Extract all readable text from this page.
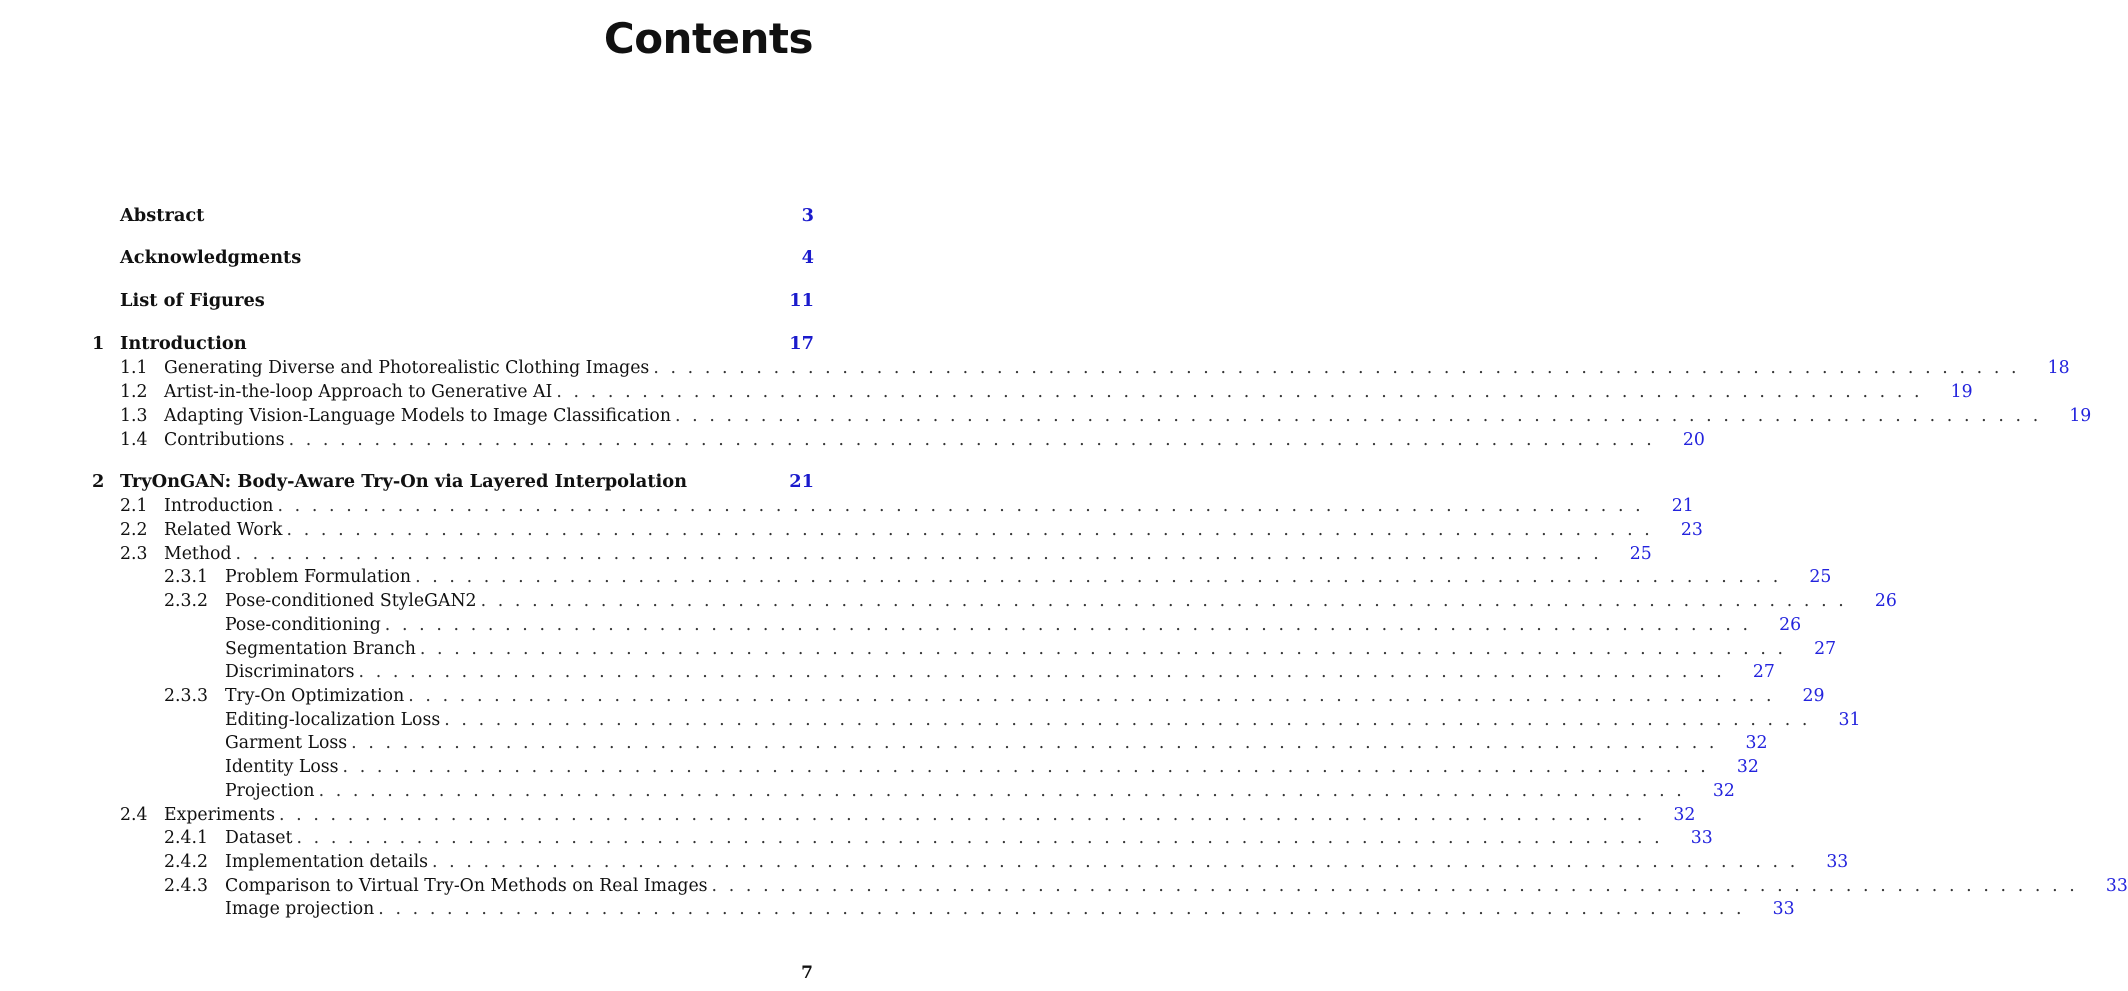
Contents
Abstract	3
Acknowledgments	4
List of Figures	11
1 Introduction	17
1.1 Generating Diverse and Photorealistic Clothing Images . . . . . . . . . . . . . . . . . . . . . . . . . . . . . . . . . . . . . . . . . . . . . . . . . . . . . . . . . . . . . . . . . . . . . . . . . . . . . . . .	18
1.2 Artist-in-the-loop Approach to Generative AI . . . . . . . . . . . . . . . . . . . . . . . . . . . . . . . . . . . . . . . . . . . . . . . . . . . . . . . . . . . . . . . . . . . . . . . . . . . . . . . .	19
1.3 Adapting Vision-Language Models to Image Classification . . . . . . . . . . . . . . . . . . . . . . . . . . . . . . . . . . . . . . . . . . . . . . . . . . . . . . . . . . . . . . . . . . . . . . . . . . . . . . . .	19
1.4 Contributions . . . . . . . . . . . . . . . . . . . . . . . . . . . . . . . . . . . . . . . . . . . . . . . . . . . . . . . . . . . . . . . . . . . . . . . . . . . . . . . .	20
2 TryOnGAN: Body-Aware Try-On via Layered Interpolation	21
2.1 Introduction . . . . . . . . . . . . . . . . . . . . . . . . . . . . . . . . . . . . . . . . . . . . . . . . . . . . . . . . . . . . . . . . . . . . . . . . . . . . . . . .	21
2.2 Related Work . . . . . . . . . . . . . . . . . . . . . . . . . . . . . . . . . . . . . . . . . . . . . . . . . . . . . . . . . . . . . . . . . . . . . . . . . . . . . . . .	23
2.3 Method . . . . . . . . . . . . . . . . . . . . . . . . . . . . . . . . . . . . . . . . . . . . . . . . . . . . . . . . . . . . . . . . . . . . . . . . . . . . . . . .	25
2.3.1 Problem Formulation . . . . . . . . . . . . . . . . . . . . . . . . . . . . . . . . . . . . . . . . . . . . . . . . . . . . . . . . . . . . . . . . . . . . . . . . . . . . . . . .	25
2.3.2 Pose-conditioned StyleGAN2 . . . . . . . . . . . . . . . . . . . . . . . . . . . . . . . . . . . . . . . . . . . . . . . . . . . . . . . . . . . . . . . . . . . . . . . . . . . . . . . .	26
Pose-conditioning . . . . . . . . . . . . . . . . . . . . . . . . . . . . . . . . . . . . . . . . . . . . . . . . . . . . . . . . . . . . . . . . . . . . . . . . . . . . . . . .	26
Segmentation Branch . . . . . . . . . . . . . . . . . . . . . . . . . . . . . . . . . . . . . . . . . . . . . . . . . . . . . . . . . . . . . . . . . . . . . . . . . . . . . . . .	27
Discriminators . . . . . . . . . . . . . . . . . . . . . . . . . . . . . . . . . . . . . . . . . . . . . . . . . . . . . . . . . . . . . . . . . . . . . . . . . . . . . . . .	27
2.3.3 Try-On Optimization . . . . . . . . . . . . . . . . . . . . . . . . . . . . . . . . . . . . . . . . . . . . . . . . . . . . . . . . . . . . . . . . . . . . . . . . . . . . . . . .	29
Editing-localization Loss . . . . . . . . . . . . . . . . . . . . . . . . . . . . . . . . . . . . . . . . . . . . . . . . . . . . . . . . . . . . . . . . . . . . . . . . . . . . . . . .	31
Garment Loss . . . . . . . . . . . . . . . . . . . . . . . . . . . . . . . . . . . . . . . . . . . . . . . . . . . . . . . . . . . . . . . . . . . . . . . . . . . . . . . .	32
Identity Loss . . . . . . . . . . . . . . . . . . . . . . . . . . . . . . . . . . . . . . . . . . . . . . . . . . . . . . . . . . . . . . . . . . . . . . . . . . . . . . . .	32
Projection . . . . . . . . . . . . . . . . . . . . . . . . . . . . . . . . . . . . . . . . . . . . . . . . . . . . . . . . . . . . . . . . . . . . . . . . . . . . . . . .	32
2.4 Experiments . . . . . . . . . . . . . . . . . . . . . . . . . . . . . . . . . . . . . . . . . . . . . . . . . . . . . . . . . . . . . . . . . . . . . . . . . . . . . . . .	32
2.4.1 Dataset . . . . . . . . . . . . . . . . . . . . . . . . . . . . . . . . . . . . . . . . . . . . . . . . . . . . . . . . . . . . . . . . . . . . . . . . . . . . . . . .	33
2.4.2 Implementation details . . . . . . . . . . . . . . . . . . . . . . . . . . . . . . . . . . . . . . . . . . . . . . . . . . . . . . . . . . . . . . . . . . . . . . . . . . . . . . . .	33
2.4.3 Comparison to Virtual Try-On Methods on Real Images . . . . . . . . . . . . . . . . . . . . . . . . . . . . . . . . . . . . . . . . . . . . . . . . . . . . . . . . . . . . . . . . . . . . . . . . . . . . . . . .	33
Image projection . . . . . . . . . . . . . . . . . . . . . . . . . . . . . . . . . . . . . . . . . . . . . . . . . . . . . . . . . . . . . . . . . . . . . . . . . . . . . . . .	33
7
